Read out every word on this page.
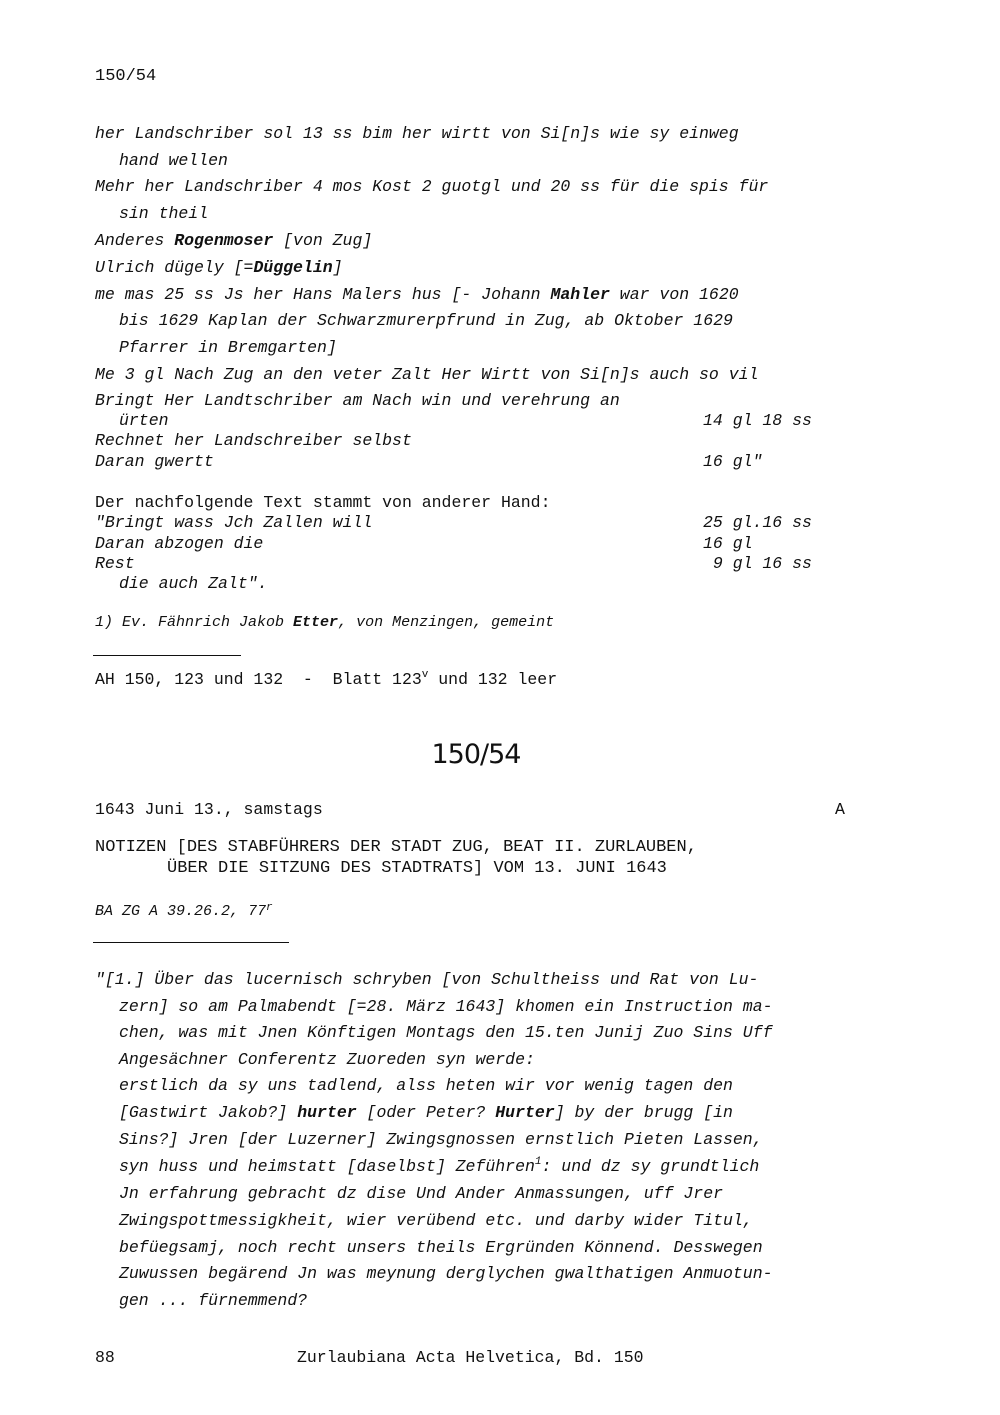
150/54
her Landschriber sol 13 ss bim her wirtt von Si[n]s wie sy einweg
hand wellen
Mehr her Landschriber 4 mos Kost 2 guotgl und 20 ss für die spis für
sin theil
Anderes Rogenmoser [von Zug]
Ulrich dügely [=Düggelin]
me mas 25 ss Js her Hans Malers hus [- Johann Mahler war von 1620
bis 1629 Kaplan der Schwarzmurerpfrund in Zug, ab Oktober 1629
Pfarrer in Bremgarten]
Me 3 gl Nach Zug an den veter Zalt Her Wirtt von Si[n]s auch so vil
Bringt Her Landtschriber am Nach win und verehrung an
ürten	14 gl 18 ss
Rechnet her Landschreiber selbst
Daran gwertt	16 gl"
Der nachfolgende Text stammt von anderer Hand:
"Bringt wass Jch Zallen will	25 gl.16 ss
Daran abzogen die	16 gl
Rest	9 gl 16 ss
die auch Zalt".
1) Ev. Fähnrich Jakob Etter, von Menzingen, gemeint
AH 150, 123 und 132  -  Blatt 123$^v$ und 132 leer
150/54
1643 Juni 13., samstags	A
NOTIZEN [DES STABFÜHRERS DER STADT ZUG, BEAT II. ZURLAUBEN,
ÜBER DIE SITZUNG DES STADTRATS] VOM 13. JUNI 1643
BA ZG A 39.26.2, 77$^r$
"[1.] Über das lucernisch schryben [von Schultheiss und Rat von Lu-
zern] so am Palmabendt [=28. März 1643] khomen ein Instruction ma-
chen, was mit Jnen Könftigen Montags den 15.ten Junij Zuo Sins Uff
Angesächner Conferentz Zuoreden syn werde:
erstlich da sy uns tadlend, alss heten wir vor wenig tagen den
[Gastwirt Jakob?] hurter [oder Peter? Hurter] by der brugg [in
Sins?] Jren [der Luzerner] Zwingsgnossen ernstlich Pieten Lassen,
syn huss und heimstatt [daselbst] Zeführen$^1$: und dz sy grundtlich
Jn erfahrung gebracht dz dise Und Ander Anmassungen, uff Jrer
Zwingspottmessigkheit, wier verübend etc. und darby wider Titul,
befüegsamj, noch recht unsers theils Ergründen Könnend. Desswegen
Zuwussen begärend Jn was meynung derglychen gwalthatigen Anmuotun-
gen ... fürnemmend?
88	Zurlaubiana Acta Helvetica, Bd. 150
